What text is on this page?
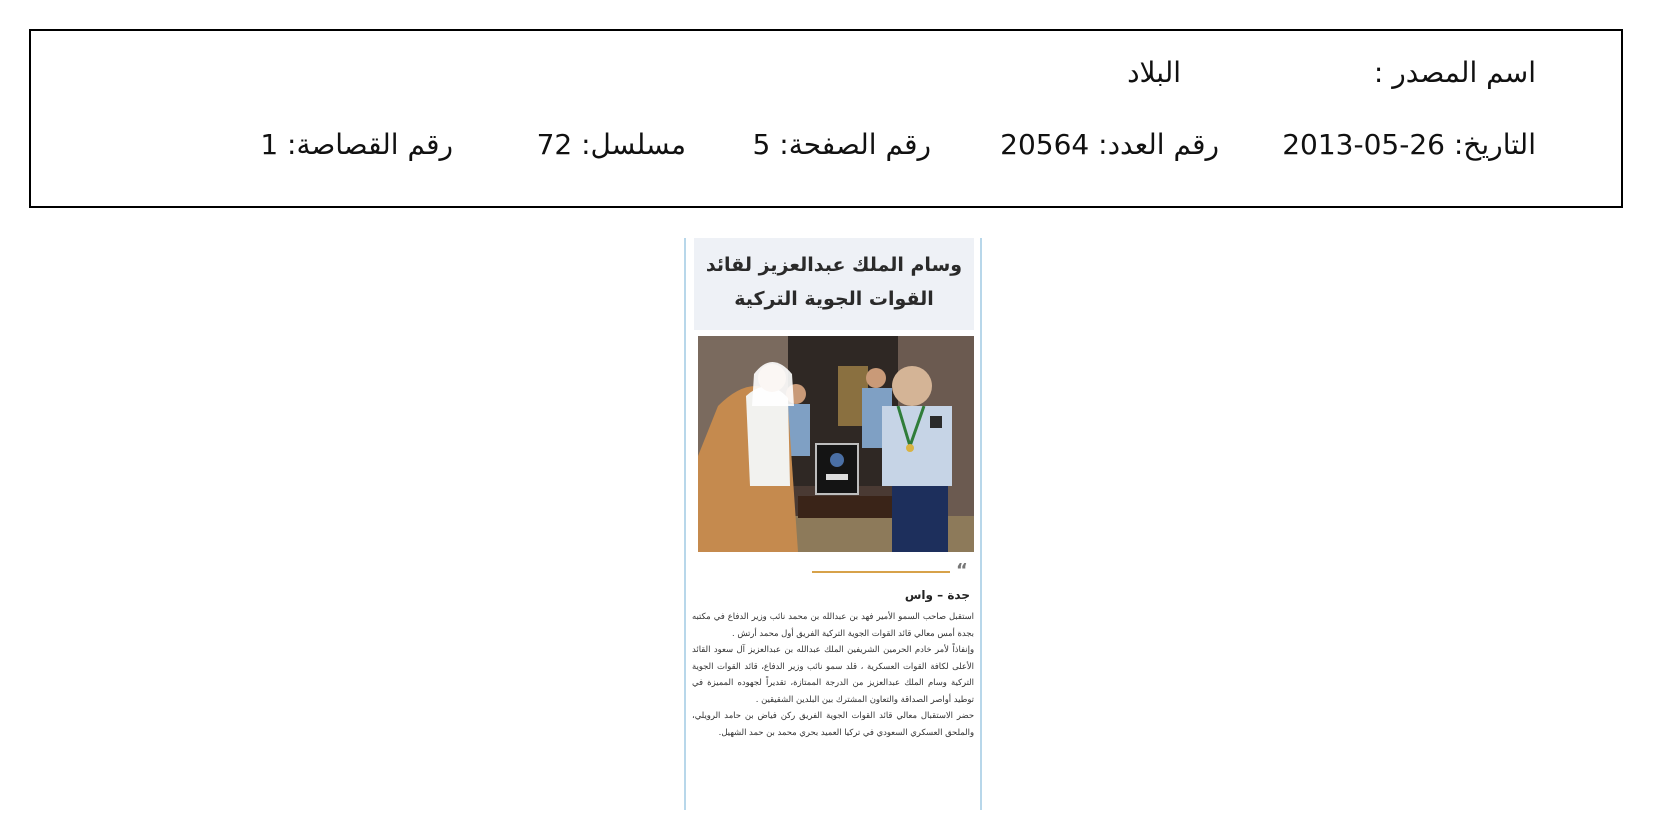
اسم المصدر :
البلاد
التاريخ: 2013-05-26
رقم العدد: 20564
رقم الصفحة: 5
مسلسل: 72
رقم القصاصة: 1
وسام الملك عبدالعزيز لقائد
القوات الجوية التركية
“
جدة – واس

استقبل صاحب السمو الأمير فهد بن عبدالله بن محمد نائب وزير الدفاع في مكتبه بجدة أمس معالي قائد القوات الجوية التركية الفريق أول محمد أرتش .

وإنفاذاً لأمر خادم الحرمين الشريفين الملك عبدالله بن عبدالعزيز آل سعود القائد الأعلى لكافة القوات العسكرية ، قلد سمو نائب وزير الدفاع، قائد القوات الجوية التركية وسام الملك عبدالعزيز من الدرجة الممتازة، تقديراً لجهوده المميزة في توطيد أواصر الصداقة والتعاون المشترك بين البلدين الشقيقين .

حضر الاستقبال معالي قائد القوات الجوية الفريق ركن فياض بن حامد الرويلي، والملحق العسكري السعودي في تركيا العميد بحري محمد بن حمد الشهيل.
